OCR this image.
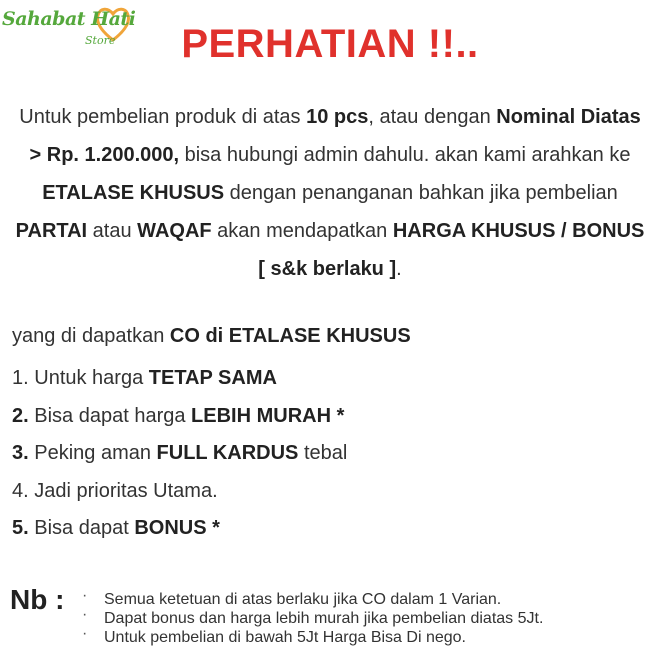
Sahabat Hati
Store	PERHATIAN !!..
Untuk pembelian produk di atas 10 pcs, atau dengan Nominal Diatas
> Rp. 1.200.000, bisa hubungi admin dahulu. akan kami arahkan ke
ETALASE KHUSUS dengan penanganan bahkan jika pembelian
PARTAI atau WAQAF akan mendapatkan HARGA KHUSUS / BONUS
[ s&k berlaku ].
yang di dapatkan CO di ETALASE KHUSUS
1. Untuk harga TETAP SAMA
2. Bisa dapat harga LEBIH MURAH *
3. Peking aman FULL KARDUS tebal
4. Jadi prioritas Utama.
5. Bisa dapat BONUS *
Nb :
·	Semua ketetuan di atas berlaku jika CO dalam 1 Varian.
· Dapat bonus dan harga lebih murah jika pembelian diatas 5Jt.
· Untuk pembelian di bawah 5Jt Harga Bisa Di nego.
